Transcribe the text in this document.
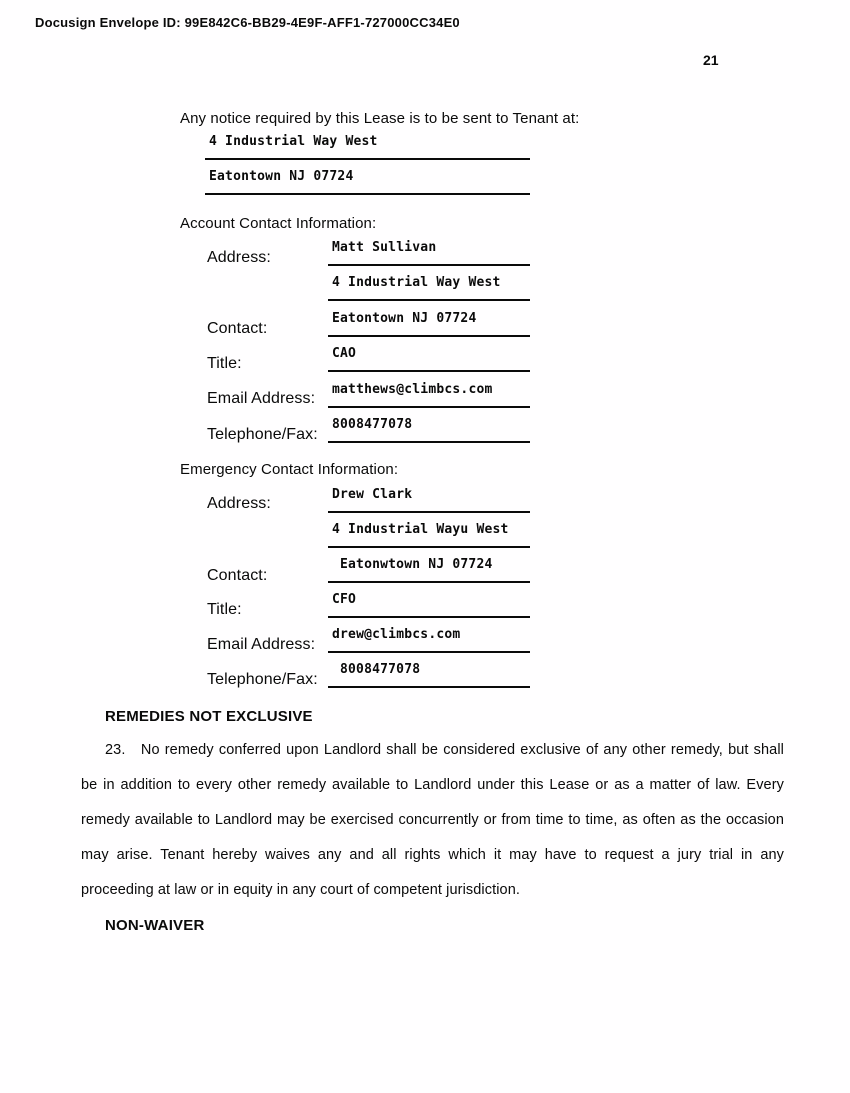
Docusign Envelope ID: 99E842C6-BB29-4E9F-AFF1-727000CC34E0
21
Any notice required by this Lease is to be sent to Tenant at:
4 Industrial Way West
Eatontown NJ 07724
Account Contact Information:
Address:
Contact:
Title:
Email Address:
Telephone/Fax:
Matt Sullivan
4 Industrial Way West
Eatontown NJ 07724
CAO
matthews@climbcs.com
8008477078
Emergency Contact Information:
Address:
Contact:
Title:
Email Address:
Telephone/Fax:
Drew Clark
4 Industrial Wayu West
Eatonwtown NJ 07724
CFO
drew@climbcs.com
8008477078
REMEDIES NOT EXCLUSIVE

23.   No remedy conferred upon Landlord shall be considered exclusive of any other remedy, but shall be in addition to every other remedy available to Landlord under this Lease or as a matter of law. Every remedy available to Landlord may be exercised concurrently or from time to time, as often as the occasion may arise. Tenant hereby waives any and all rights which it may have to request a jury trial in any proceeding at law or in equity in any court of competent jurisdiction.

NON-WAIVER
